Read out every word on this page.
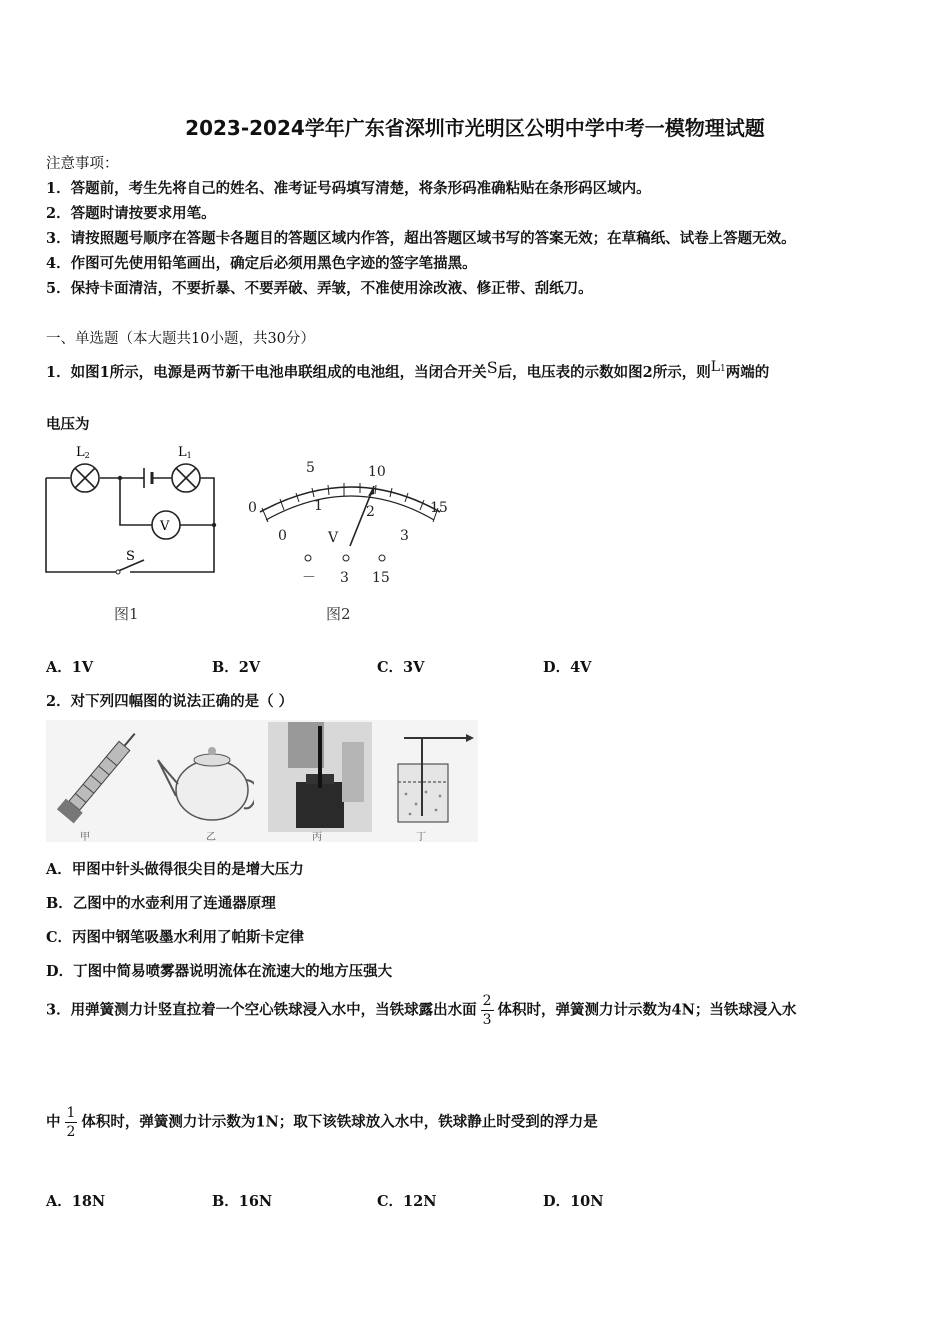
2023-2024学年广东省深圳市光明区公明中学中考一模物理试题
注意事项：
1．答题前，考生先将自己的姓名、准考证号码填写清楚，将条形码准确粘贴在条形码区域内。
2．答题时请按要求用笔。
3．请按照题号顺序在答题卡各题目的答题区域内作答，超出答题区域书写的答案无效；在草稿纸、试卷上答题无效。
4．作图可先使用铅笔画出，确定后必须用黑色字迹的签字笔描黑。
5．保持卡面清洁，不要折暴、不要弄破、弄皱，不准使用涂改液、修正带、刮纸刀。
一、单选题（本大题共10小题，共30分）
1．如图1所示，电源是两节新干电池串联组成的电池组，当闭合开关S后，电压表的示数如图2所示，则L1两端的
电压为
L2	L1
V
S
图1
0
5	10
15
0
1	2
3
V
－ 3 15
图2
A．1V	B．2V	C．3V	D．4V
2．对下列四幅图的说法正确的是（ ）
甲	乙	丙	丁
A．甲图中针头做得很尖目的是增大压力
B．乙图中的水壶利用了连通器原理
C．丙图中钢笔吸墨水利用了帕斯卡定律
D．丁图中简易喷雾器说明流体在流速大的地方压强大
3．用弹簧测力计竖直拉着一个空心铁球浸入水中，当铁球露出水面 $\frac{2}{3}$ 体积时，弹簧测力计示数为4N；当铁球浸入水
中 $\frac{1}{2}$ 体积时，弹簧测力计示数为1N；取下该铁球放入水中，铁球静止时受到的浮力是
A．18N	B．16N	C．12N	D．10N
